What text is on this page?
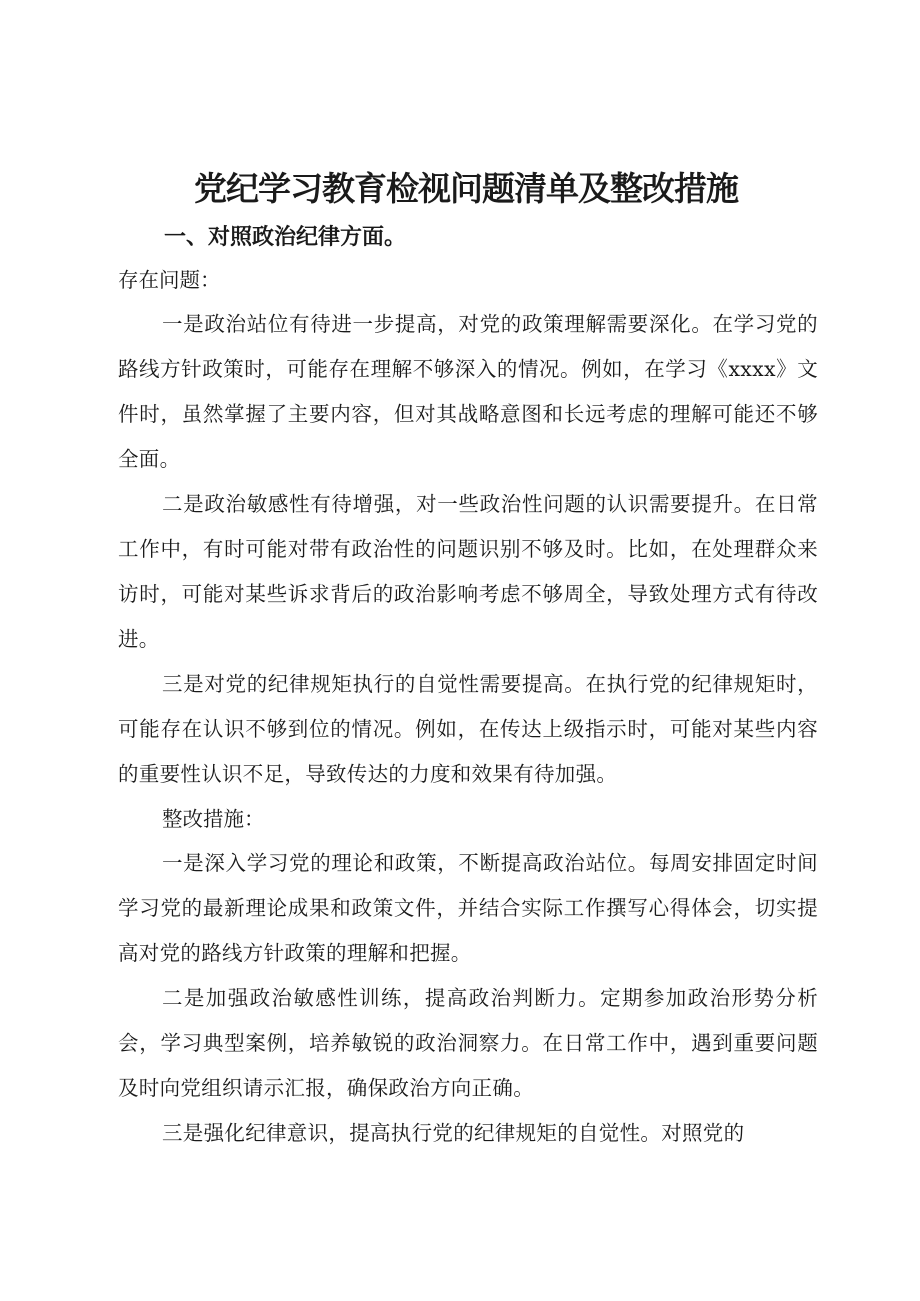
党纪学习教育检视问题清单及整改措施
一、对照政治纪律方面。

存在问题：

一是政治站位有待进一步提高，对党的政策理解需要深化。在学习党的路线方针政策时，可能存在理解不够深入的情况。例如，在学习《xxxx》文件时，虽然掌握了主要内容，但对其战略意图和长远考虑的理解可能还不够全面。

二是政治敏感性有待增强，对一些政治性问题的认识需要提升。在日常工作中，有时可能对带有政治性的问题识别不够及时。比如，在处理群众来访时，可能对某些诉求背后的政治影响考虑不够周全，导致处理方式有待改进。

三是对党的纪律规矩执行的自觉性需要提高。在执行党的纪律规矩时，可能存在认识不够到位的情况。例如，在传达上级指示时，可能对某些内容的重要性认识不足，导致传达的力度和效果有待加强。

整改措施：

一是深入学习党的理论和政策，不断提高政治站位。每周安排固定时间学习党的最新理论成果和政策文件，并结合实际工作撰写心得体会，切实提高对党的路线方针政策的理解和把握。

二是加强政治敏感性训练，提高政治判断力。定期参加政治形势分析会，学习典型案例，培养敏锐的政治洞察力。在日常工作中，遇到重要问题及时向党组织请示汇报，确保政治方向正确。

三是强化纪律意识，提高执行党的纪律规矩的自觉性。对照党的
